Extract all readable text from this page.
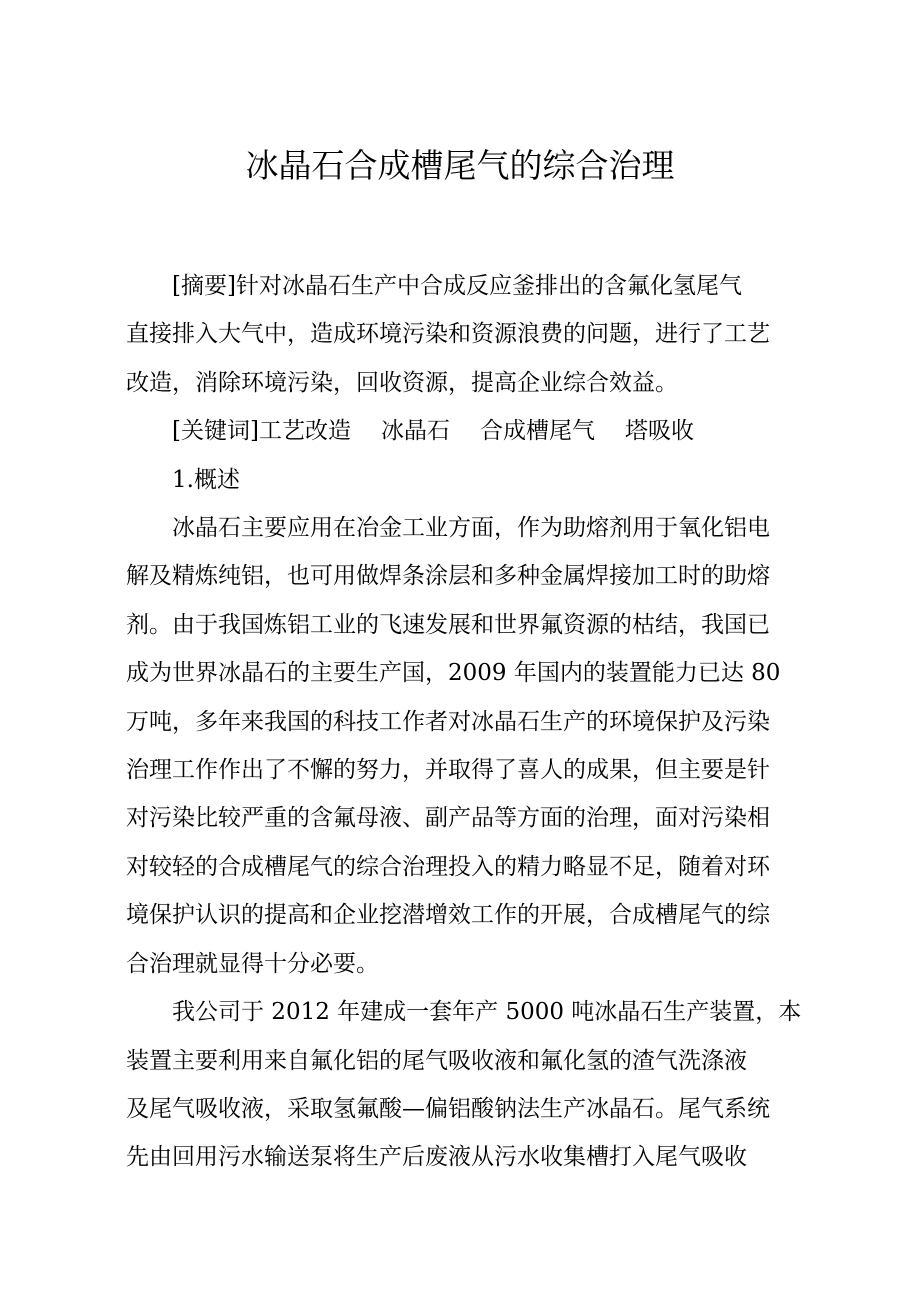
冰晶石合成槽尾气的综合治理

[摘要]针对冰晶石生产中合成反应釜排出的含氟化氢尾气
直接排入大气中，造成环境污染和资源浪费的问题，进行了工艺
改造，消除环境污染，回收资源，提高企业综合效益。

[关键词]工艺改造 冰晶石 合成槽尾气 塔吸收

1.概述

冰晶石主要应用在冶金工业方面，作为助熔剂用于氧化铝电
解及精炼纯铝，也可用做焊条涂层和多种金属焊接加工时的助熔
剂。由于我国炼铝工业的飞速发展和世界氟资源的枯结，我国已
成为世界冰晶石的主要生产国，2009 年国内的装置能力已达 80
万吨，多年来我国的科技工作者对冰晶石生产的环境保护及污染
治理工作作出了不懈的努力，并取得了喜人的成果，但主要是针
对污染比较严重的含氟母液、副产品等方面的治理，面对污染相
对较轻的合成槽尾气的综合治理投入的精力略显不足，随着对环
境保护认识的提高和企业挖潜增效工作的开展，合成槽尾气的综
合治理就显得十分必要。

我公司于 2012 年建成一套年产 5000 吨冰晶石生产装置，本
装置主要利用来自氟化铝的尾气吸收液和氟化氢的渣气洗涤液
及尾气吸收液，采取氢氟酸—偏铝酸钠法生产冰晶石。尾气系统
先由回用污水输送泵将生产后废液从污水收集槽打入尾气吸收
